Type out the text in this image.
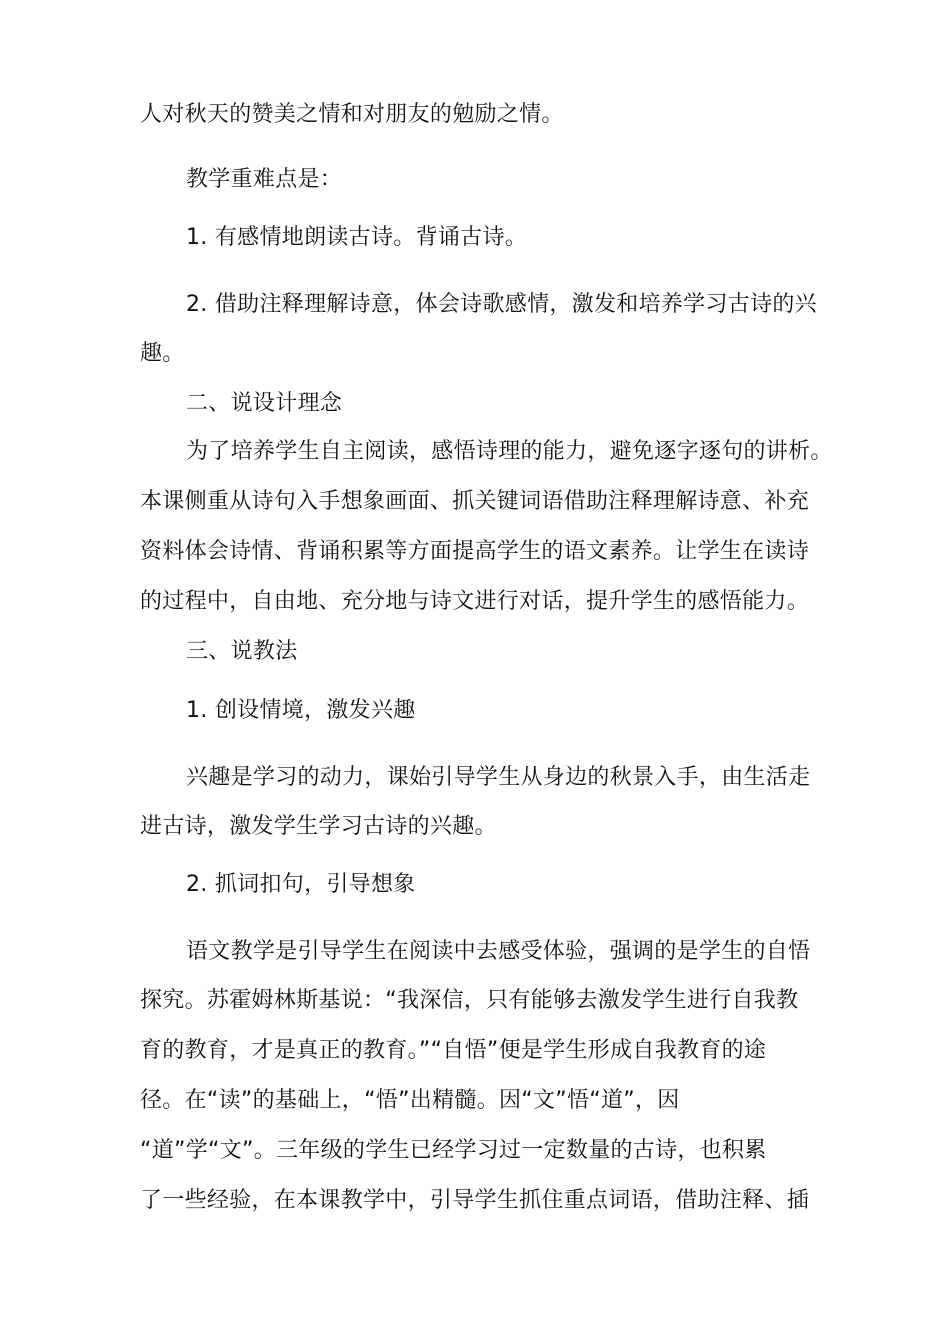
人对秋天的赞美之情和对朋友的勉励之情。
教学重难点是：
1. 有感情地朗读古诗。背诵古诗。
2. 借助注释理解诗意，体会诗歌感情，激发和培养学习古诗的兴
趣。
二、说设计理念
为了培养学生自主阅读，感悟诗理的能力，避免逐字逐句的讲析。
本课侧重从诗句入手想象画面、抓关键词语借助注释理解诗意、补充
资料体会诗情、背诵积累等方面提高学生的语文素养。让学生在读诗
的过程中，自由地、充分地与诗文进行对话，提升学生的感悟能力。
三、说教法
1. 创设情境，激发兴趣
兴趣是学习的动力，课始引导学生从身边的秋景入手，由生活走
进古诗，激发学生学习古诗的兴趣。
2. 抓词扣句，引导想象
语文教学是引导学生在阅读中去感受体验，强调的是学生的自悟
探究。苏霍姆林斯基说：“我深信，只有能够去激发学生进行自我教
育的教育，才是真正的教育。”“自悟”便是学生形成自我教育的途
径。在“读”的基础上，“悟”出精髓。因“文”悟“道”，因
“道”学“文”。三年级的学生已经学习过一定数量的古诗，也积累
了一些经验，在本课教学中，引导学生抓住重点词语，借助注释、插
